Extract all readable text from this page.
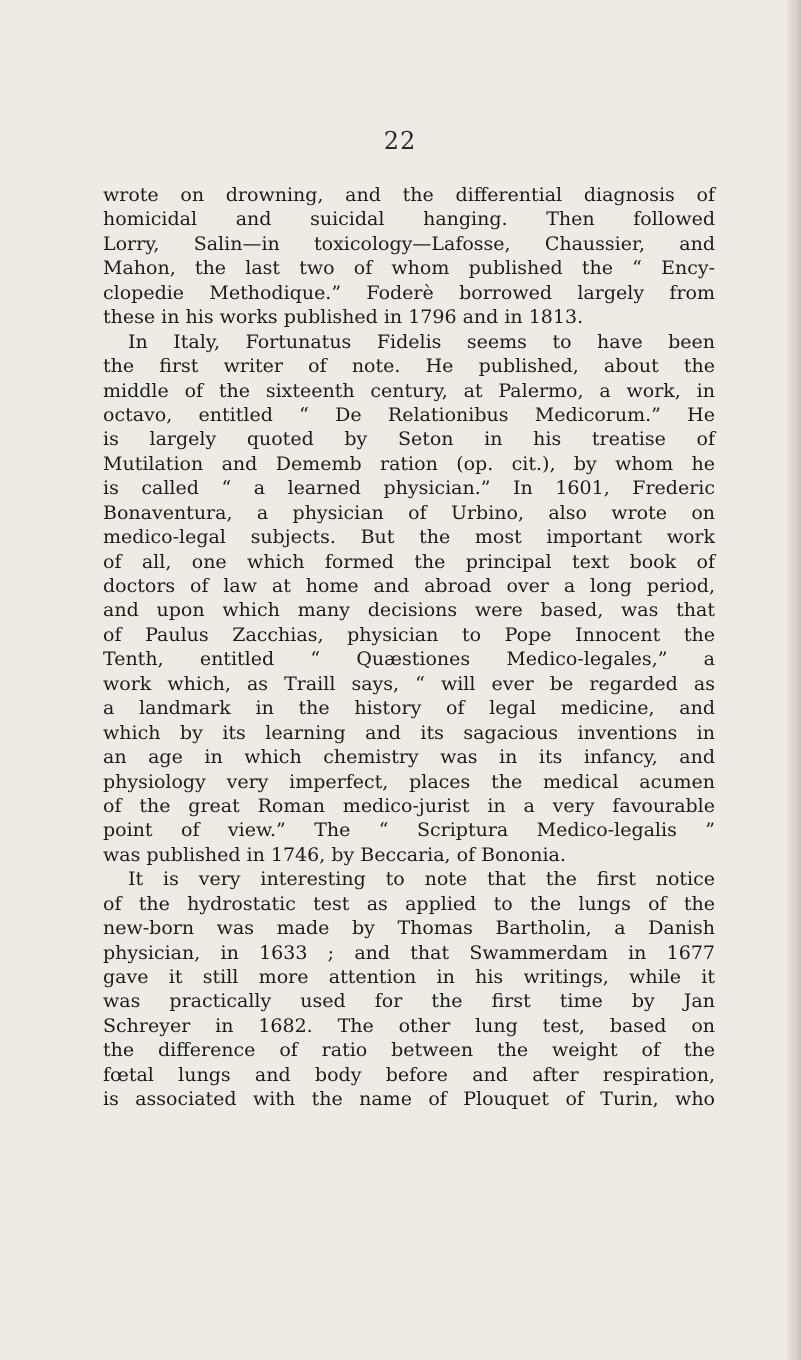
22
wrote on drowning, and the differential diagnosis of
homicidal and suicidal hanging. Then followed
Lorry, Salin—in toxicology—Lafosse, Chaussier, and
Mahon, the last two of whom published the “ Ency-
clopedie Methodique.” Foderè borrowed largely from
these in his works published in 1796 and in 1813.
In Italy, Fortunatus Fidelis seems to have been
the first writer of note. He published, about the
middle of the sixteenth century, at Palermo, a work, in
octavo, entitled “ De Relationibus Medicorum.” He
is largely quoted by Seton in his treatise of
Mutilation and Dememb ration (op. cit.), by whom he
is called “ a learned physician.” In 1601, Frederic
Bonaventura, a physician of Urbino, also wrote on
medico-legal subjects. But the most important work
of all, one which formed the principal text book of
doctors of law at home and abroad over a long period,
and upon which many decisions were based, was that
of Paulus Zacchias, physician to Pope Innocent the
Tenth, entitled “ Quæstiones Medico-legales,” a
work which, as Traill says, “ will ever be regarded as
a landmark in the history of legal medicine, and
which by its learning and its sagacious inventions in
an age in which chemistry was in its infancy, and
physiology very imperfect, places the medical acumen
of the great Roman medico-jurist in a very favourable
point of view.” The “ Scriptura Medico-legalis ”
was published in 1746, by Beccaria, of Bononia.
It is very interesting to note that the first notice
of the hydrostatic test as applied to the lungs of the
new-born was made by Thomas Bartholin, a Danish
physician, in 1633 ; and that Swammerdam in 1677
gave it still more attention in his writings, while it
was practically used for the first time by Jan
Schreyer in 1682. The other lung test, based on
the difference of ratio between the weight of the
fœtal lungs and body before and after respiration,
is associated with the name of Plouquet of Turin, who
